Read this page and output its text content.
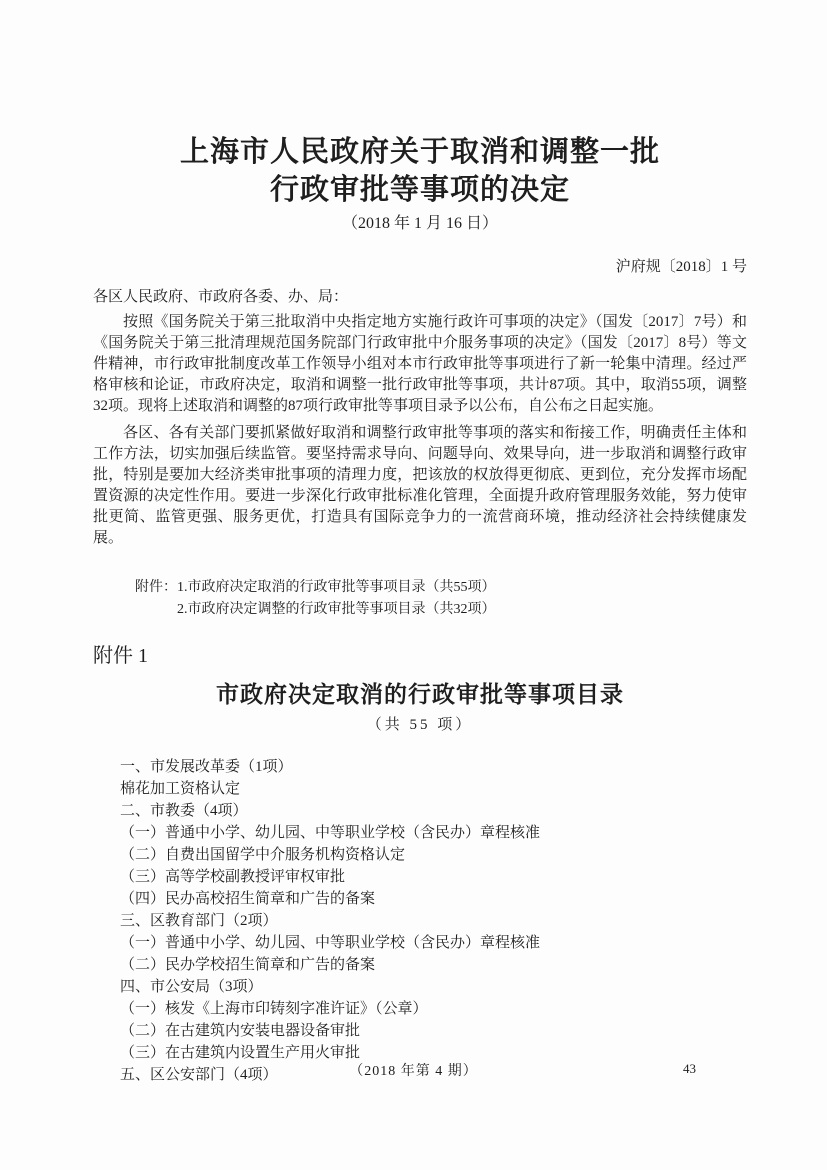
上海市人民政府关于取消和调整一批
行政审批等事项的决定
（2018 年 1 月 16 日）
沪府规〔2018〕1 号
各区人民政府、市政府各委、办、局：

按照《国务院关于第三批取消中央指定地方实施行政许可事项的决定》（国发〔2017〕7号）和《国务院关于第三批清理规范国务院部门行政审批中介服务事项的决定》（国发〔2017〕8号）等文件精神，市行政审批制度改革工作领导小组对本市行政审批等事项进行了新一轮集中清理。经过严格审核和论证，市政府决定，取消和调整一批行政审批等事项，共计87项。其中，取消55项，调整32项。现将上述取消和调整的87项行政审批等事项目录予以公布，自公布之日起实施。

各区、各有关部门要抓紧做好取消和调整行政审批等事项的落实和衔接工作，明确责任主体和工作方法，切实加强后续监管。要坚持需求导向、问题导向、效果导向，进一步取消和调整行政审批，特别是要加大经济类审批事项的清理力度，把该放的权放得更彻底、更到位，充分发挥市场配置资源的决定性作用。要进一步深化行政审批标准化管理，全面提升政府管理服务效能，努力使审批更简、监管更强、服务更优，打造具有国际竞争力的一流营商环境，推动经济社会持续健康发展。

附件：1.市政府决定取消的行政审批等事项目录（共55项）
2.市政府决定调整的行政审批等事项目录（共32项）
附件 1
市政府决定取消的行政审批等事项目录
（共 55 项）
一、市发展改革委（1项）
棉花加工资格认定
二、市教委（4项）
（一）普通中小学、幼儿园、中等职业学校（含民办）章程核准
（二）自费出国留学中介服务机构资格认定
（三）高等学校副教授评审权审批
（四）民办高校招生简章和广告的备案
三、区教育部门（2项）
（一）普通中小学、幼儿园、中等职业学校（含民办）章程核准
（二）民办学校招生简章和广告的备案
四、市公安局（3项）
（一）核发《上海市印铸刻字准许证》（公章）
（二）在古建筑内安装电器设备审批
（三）在古建筑内设置生产用火审批
五、区公安部门（4项）	（2018 年第 4 期）	43
